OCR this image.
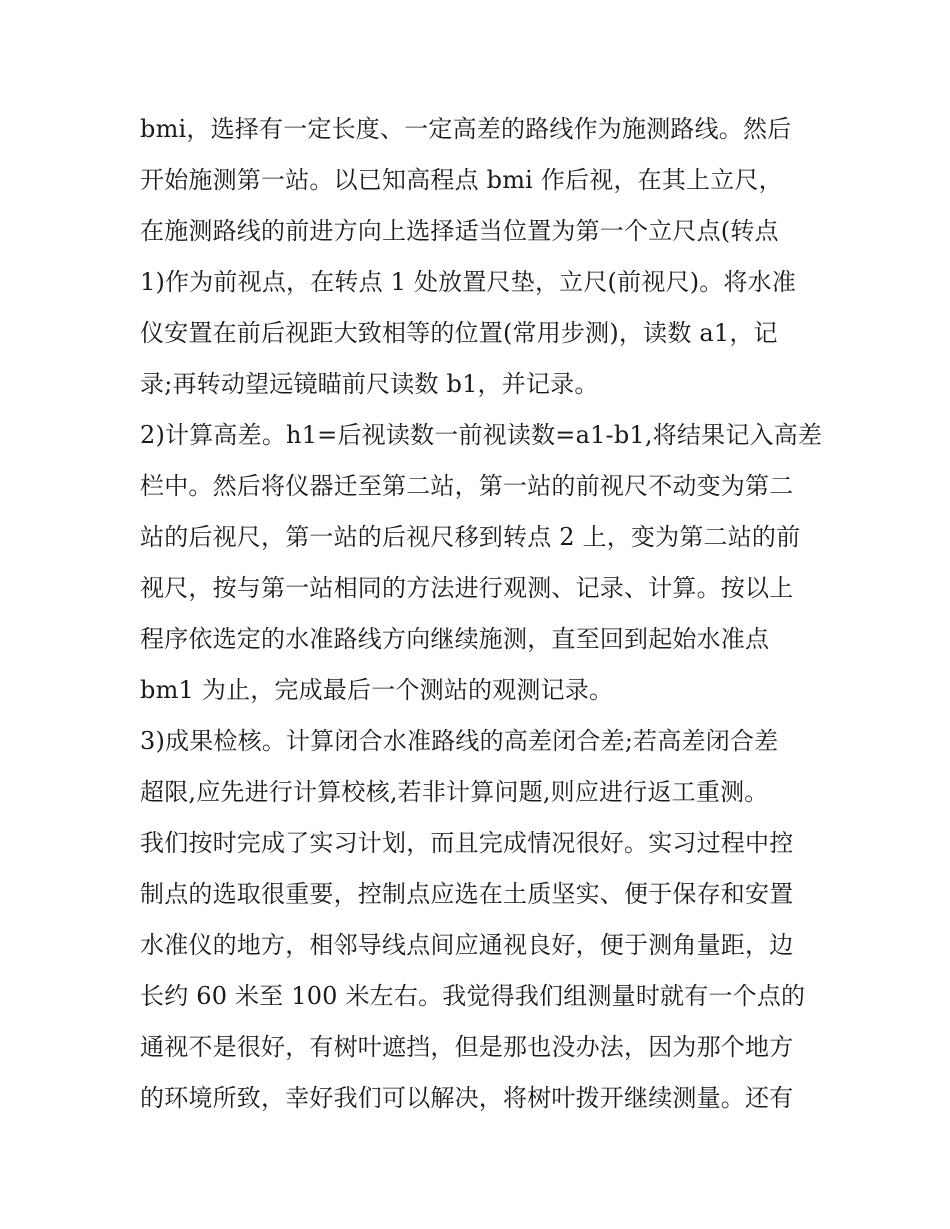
bmi，选择有一定长度、一定高差的路线作为施测路线。然后
开始施测第一站。以已知高程点 bmi 作后视，在其上立尺，
在施测路线的前进方向上选择适当位置为第一个立尺点(转点
1)作为前视点，在转点 1 处放置尺垫，立尺(前视尺)。将水准
仪安置在前后视距大致相等的位置(常用步测)，读数 a1，记
录;再转动望远镜瞄前尺读数 b1，并记录。
2)计算高差。h1=后视读数一前视读数=a1-b1,将结果记入高差
栏中。然后将仪器迁至第二站，第一站的前视尺不动变为第二
站的后视尺，第一站的后视尺移到转点 2 上，变为第二站的前
视尺，按与第一站相同的方法进行观测、记录、计算。按以上
程序依选定的水准路线方向继续施测，直至回到起始水准点
bm1 为止，完成最后一个测站的观测记录。
3)成果检核。计算闭合水准路线的高差闭合差;若高差闭合差
超限,应先进行计算校核,若非计算问题,则应进行返工重测。
我们按时完成了实习计划，而且完成情况很好。实习过程中控
制点的选取很重要，控制点应选在土质坚实、便于保存和安置
水准仪的地方，相邻导线点间应通视良好，便于测角量距，边
长约 60 米至 100 米左右。我觉得我们组测量时就有一个点的
通视不是很好，有树叶遮挡，但是那也没办法，因为那个地方
的环境所致，幸好我们可以解决，将树叶拨开继续测量。还有
